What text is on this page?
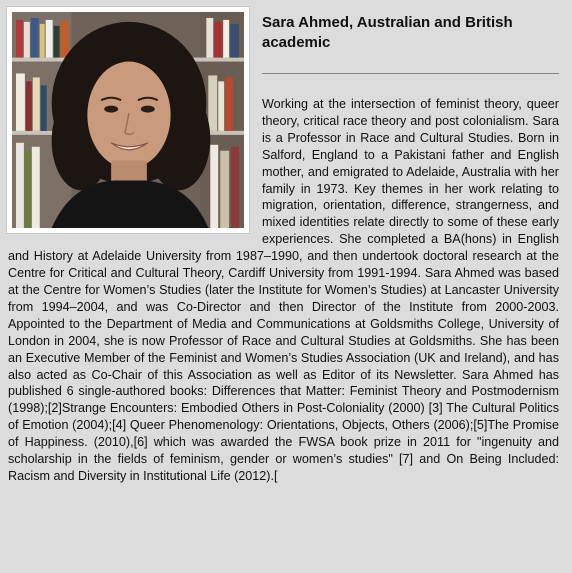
Sara Ahmed, Australian and British academic

Working at the intersection of feminist theory, queer theory, critical race theory and post colonialism. Sara is a Professor in Race and Cultural Studies. Born in Salford, England to a Pakistani father and English mother, and emigrated to Adelaide, Australia with her family in 1973. Key themes in her work relating to migration, orientation, difference, strangerness, and mixed identities relate directly to some of these early experiences. She completed a BA(hons) in English and History at Adelaide University from 1987–1990, and then undertook doctoral research at the Centre for Critical and Cultural Theory, Cardiff University from 1991-1994. Sara Ahmed was based at the Centre for Women’s Studies (later the Institute for Women’s Studies) at Lancaster University from 1994–2004, and was Co-Director and then Director of the Institute from 2000-2003. Appointed to the Department of Media and Communications at Goldsmiths College, University of London in 2004, she is now Professor of Race and Cultural Studies at Goldsmiths. She has been an Executive Member of the Feminist and Women’s Studies Association (UK and Ireland), and has also acted as Co-Chair of this Association as well as Editor of its Newsletter. Sara Ahmed has published 6 single-authored books: Differences that Matter: Feminist Theory and Postmodernism (1998);[2]Strange Encounters: Embodied Others in Post-Coloniality (2000) [3] The Cultural Politics of Emotion (2004);[4] Queer Phenomenology: Orientations, Objects, Others (2006);[5]The Promise of Happiness. (2010),[6] which was awarded the FWSA book prize in 2011 for "ingenuity and scholarship in the fields of feminism, gender or women’s studies" [7] and On Being Included: Racism and Diversity in Institutional Life (2012).[
